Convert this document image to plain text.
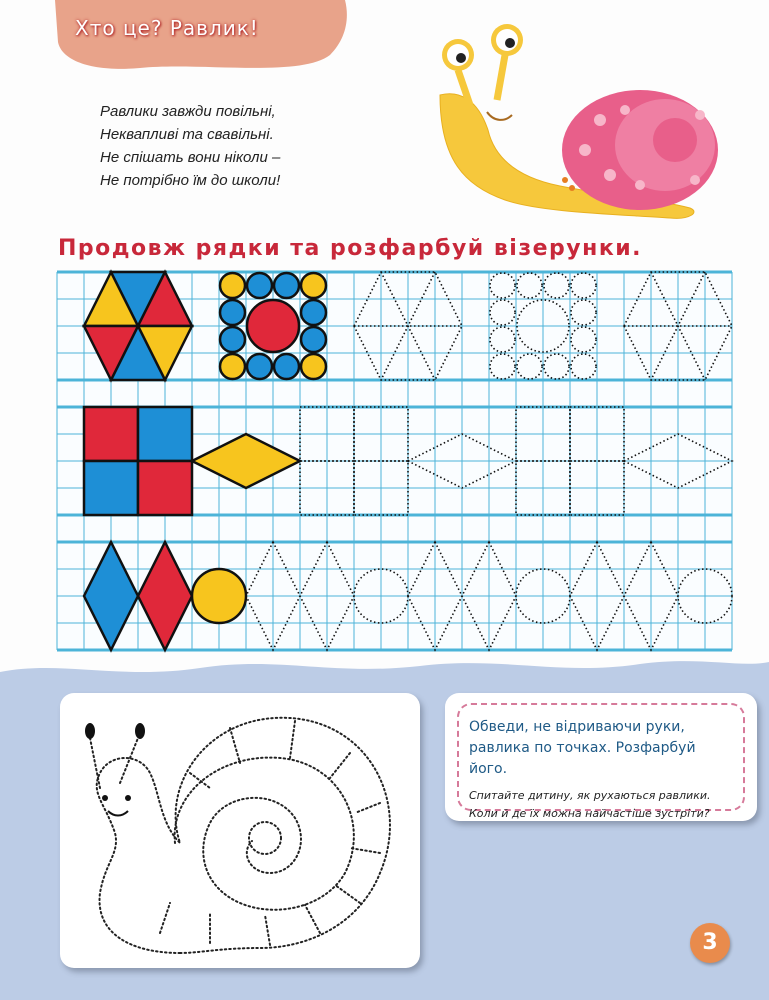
Хто це? Равлик!
Равлики завжди повільні,
Неквапливі та свавільні.
Не спішать вони ніколи –
Не потрібно їм до школи!
Продовж рядки та розфарбуй візерунки.
Обведи, не відриваючи руки, равлика по точках. Розфарбуй його.
Спитайте дитину, як рухаються равлики. Коли й де їх можна найчастіше зустріти?
3
